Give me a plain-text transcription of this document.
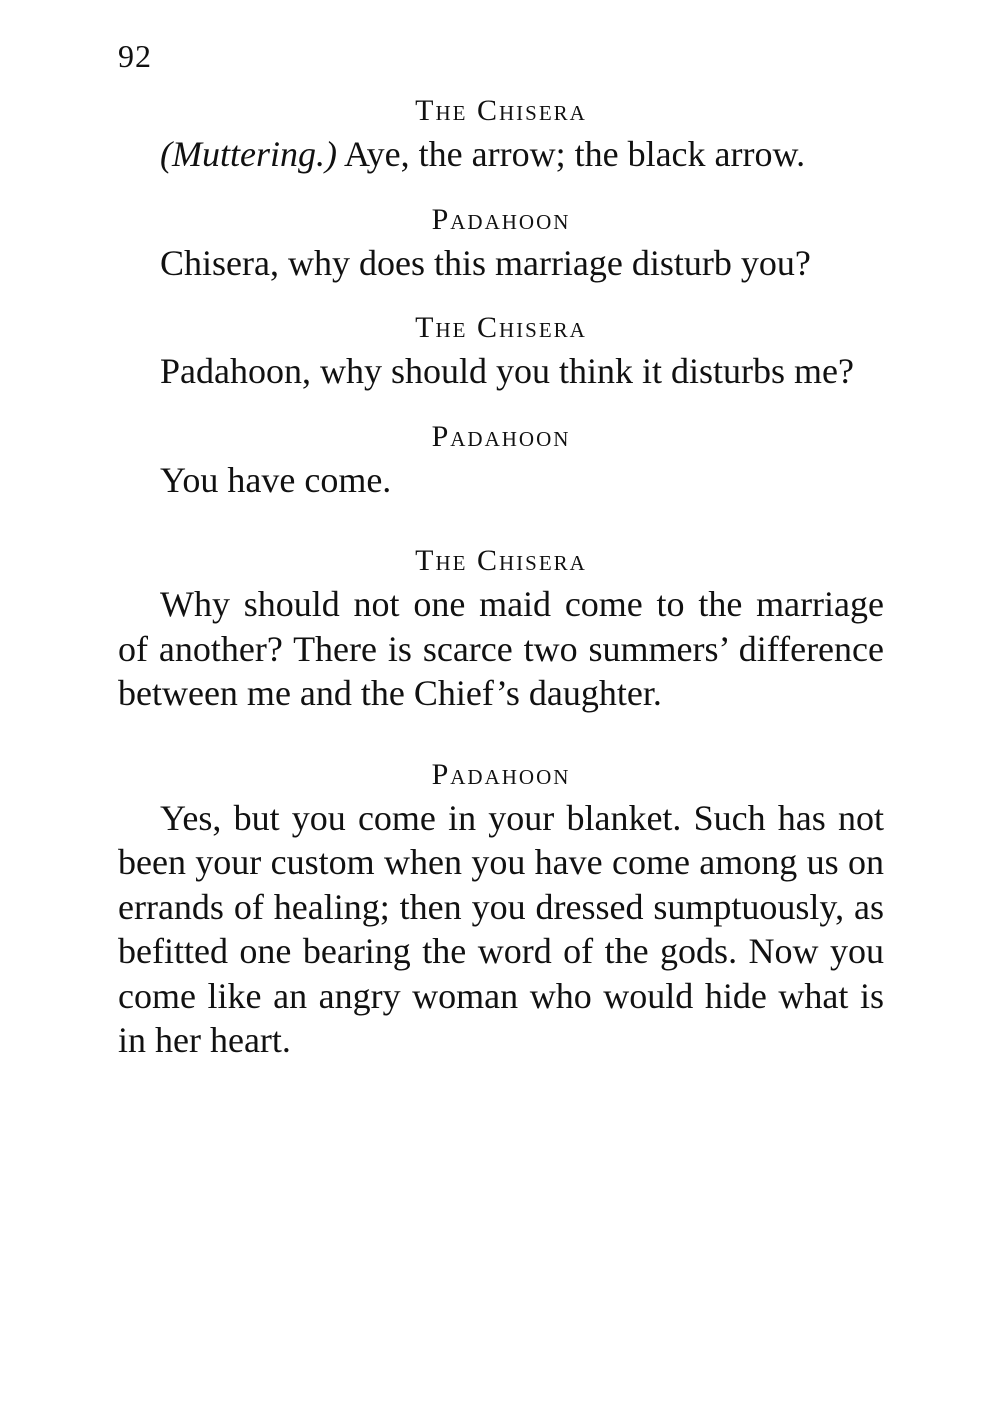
92

The Chisera

(Muttering.) Aye, the arrow; the black arrow.

Padahoon

Chisera, why does this marriage disturb you?

The Chisera

Padahoon, why should you think it disturbs me?

Padahoon

You have come.

The Chisera

Why should not one maid come to the marriage of another? There is scarce two summers’ difference between me and the Chief’s daughter.

Padahoon

Yes, but you come in your blanket. Such has not been your custom when you have come among us on errands of healing; then you dressed sumptuously, as befitted one bearing the word of the gods. Now you come like an angry woman who would hide what is in her heart.
